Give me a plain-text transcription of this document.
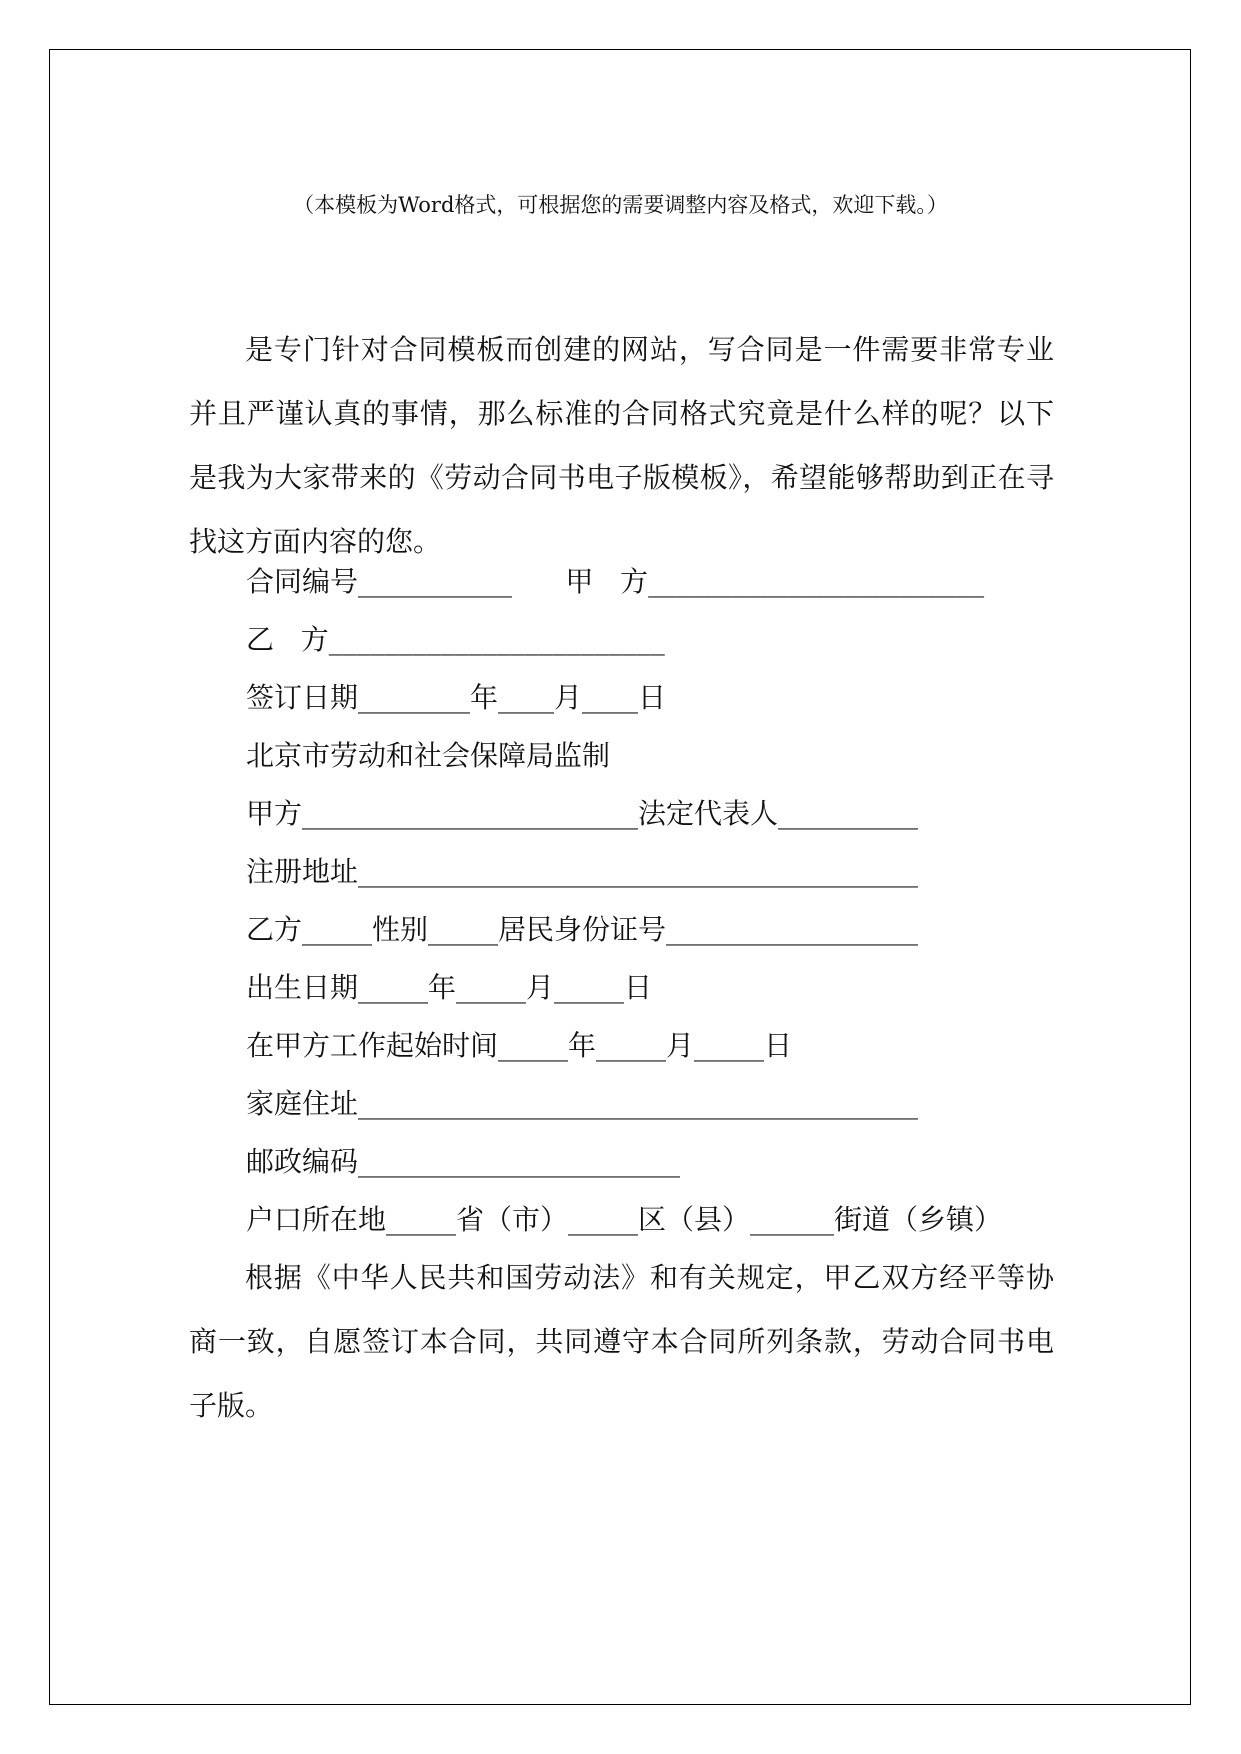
（本模板为Word格式，可根据您的需要调整内容及格式，欢迎下载。）

是专门针对合同模板而创建的网站，写合同是一件需要非常专业并且严谨认真的事情，那么标准的合同格式究竟是什么样的呢？以下是我为大家带来的《劳动合同书电子版模板》，希望能够帮助到正在寻找这方面内容的您。

合同编号___________      甲   方________________________

乙   方________________________

签订日期________年____月____日

北京市劳动和社会保障局监制

甲方________________________法定代表人__________

注册地址________________________________________

乙方_____性别_____居民身份证号__________________

出生日期_____年_____月_____日

在甲方工作起始时间_____年_____月_____日

家庭住址________________________________________

邮政编码_______________________

户口所在地_____省（市）_____区（县）______街道（乡镇）

根据《中华人民共和国劳动法》和有关规定，甲乙双方经平等协商一致，自愿签订本合同，共同遵守本合同所列条款，劳动合同书电子版。
